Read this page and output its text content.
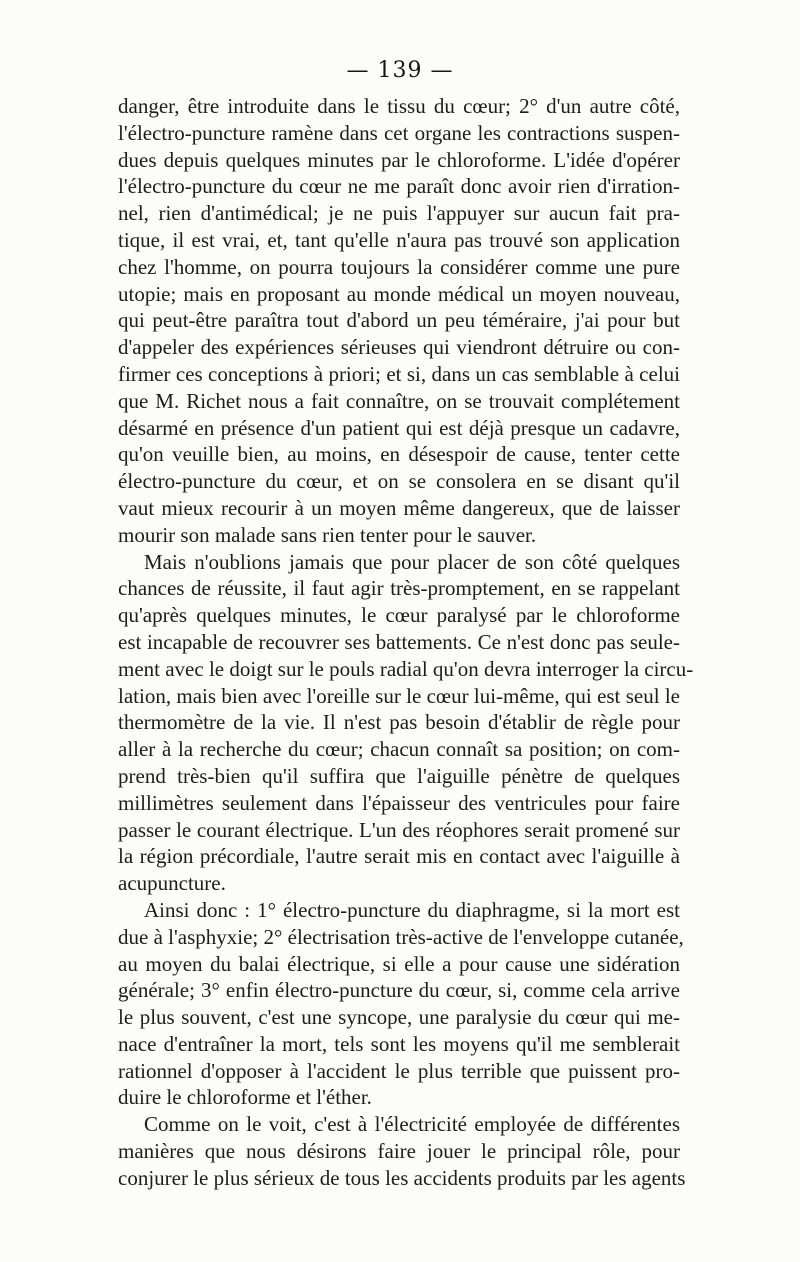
— 139 —
danger, être introduite dans le tissu du cœur; 2° d'un autre côté,
l'électro-puncture ramène dans cet organe les contractions suspen-
dues depuis quelques minutes par le chloroforme. L'idée d'opérer
l'électro-puncture du cœur ne me paraît donc avoir rien d'irration-
nel, rien d'antimédical; je ne puis l'appuyer sur aucun fait pra-
tique, il est vrai, et, tant qu'elle n'aura pas trouvé son application
chez l'homme, on pourra toujours la considérer comme une pure
utopie; mais en proposant au monde médical un moyen nouveau,
qui peut-être paraîtra tout d'abord un peu téméraire, j'ai pour but
d'appeler des expériences sérieuses qui viendront détruire ou con-
firmer ces conceptions à priori; et si, dans un cas semblable à celui
que M. Richet nous a fait connaître, on se trouvait complétement
désarmé en présence d'un patient qui est déjà presque un cadavre,
qu'on veuille bien, au moins, en désespoir de cause, tenter cette
électro-puncture du cœur, et on se consolera en se disant qu'il
vaut mieux recourir à un moyen même dangereux, que de laisser
mourir son malade sans rien tenter pour le sauver.
Mais n'oublions jamais que pour placer de son côté quelques
chances de réussite, il faut agir très-promptement, en se rappelant
qu'après quelques minutes, le cœur paralysé par le chloroforme
est incapable de recouvrer ses battements. Ce n'est donc pas seule-
ment avec le doigt sur le pouls radial qu'on devra interroger la circu-
lation, mais bien avec l'oreille sur le cœur lui-même, qui est seul le
thermomètre de la vie. Il n'est pas besoin d'établir de règle pour
aller à la recherche du cœur; chacun connaît sa position; on com-
prend très-bien qu'il suffira que l'aiguille pénètre de quelques
millimètres seulement dans l'épaisseur des ventricules pour faire
passer le courant électrique. L'un des réophores serait promené sur
la région précordiale, l'autre serait mis en contact avec l'aiguille à
acupuncture.
Ainsi donc : 1° électro-puncture du diaphragme, si la mort est
due à l'asphyxie; 2° électrisation très-active de l'enveloppe cutanée,
au moyen du balai électrique, si elle a pour cause une sidération
générale; 3° enfin électro-puncture du cœur, si, comme cela arrive
le plus souvent, c'est une syncope, une paralysie du cœur qui me-
nace d'entraîner la mort, tels sont les moyens qu'il me semblerait
rationnel d'opposer à l'accident le plus terrible que puissent pro-
duire le chloroforme et l'éther.
Comme on le voit, c'est à l'électricité employée de différentes
manières que nous désirons faire jouer le principal rôle, pour
conjurer le plus sérieux de tous les accidents produits par les agents
